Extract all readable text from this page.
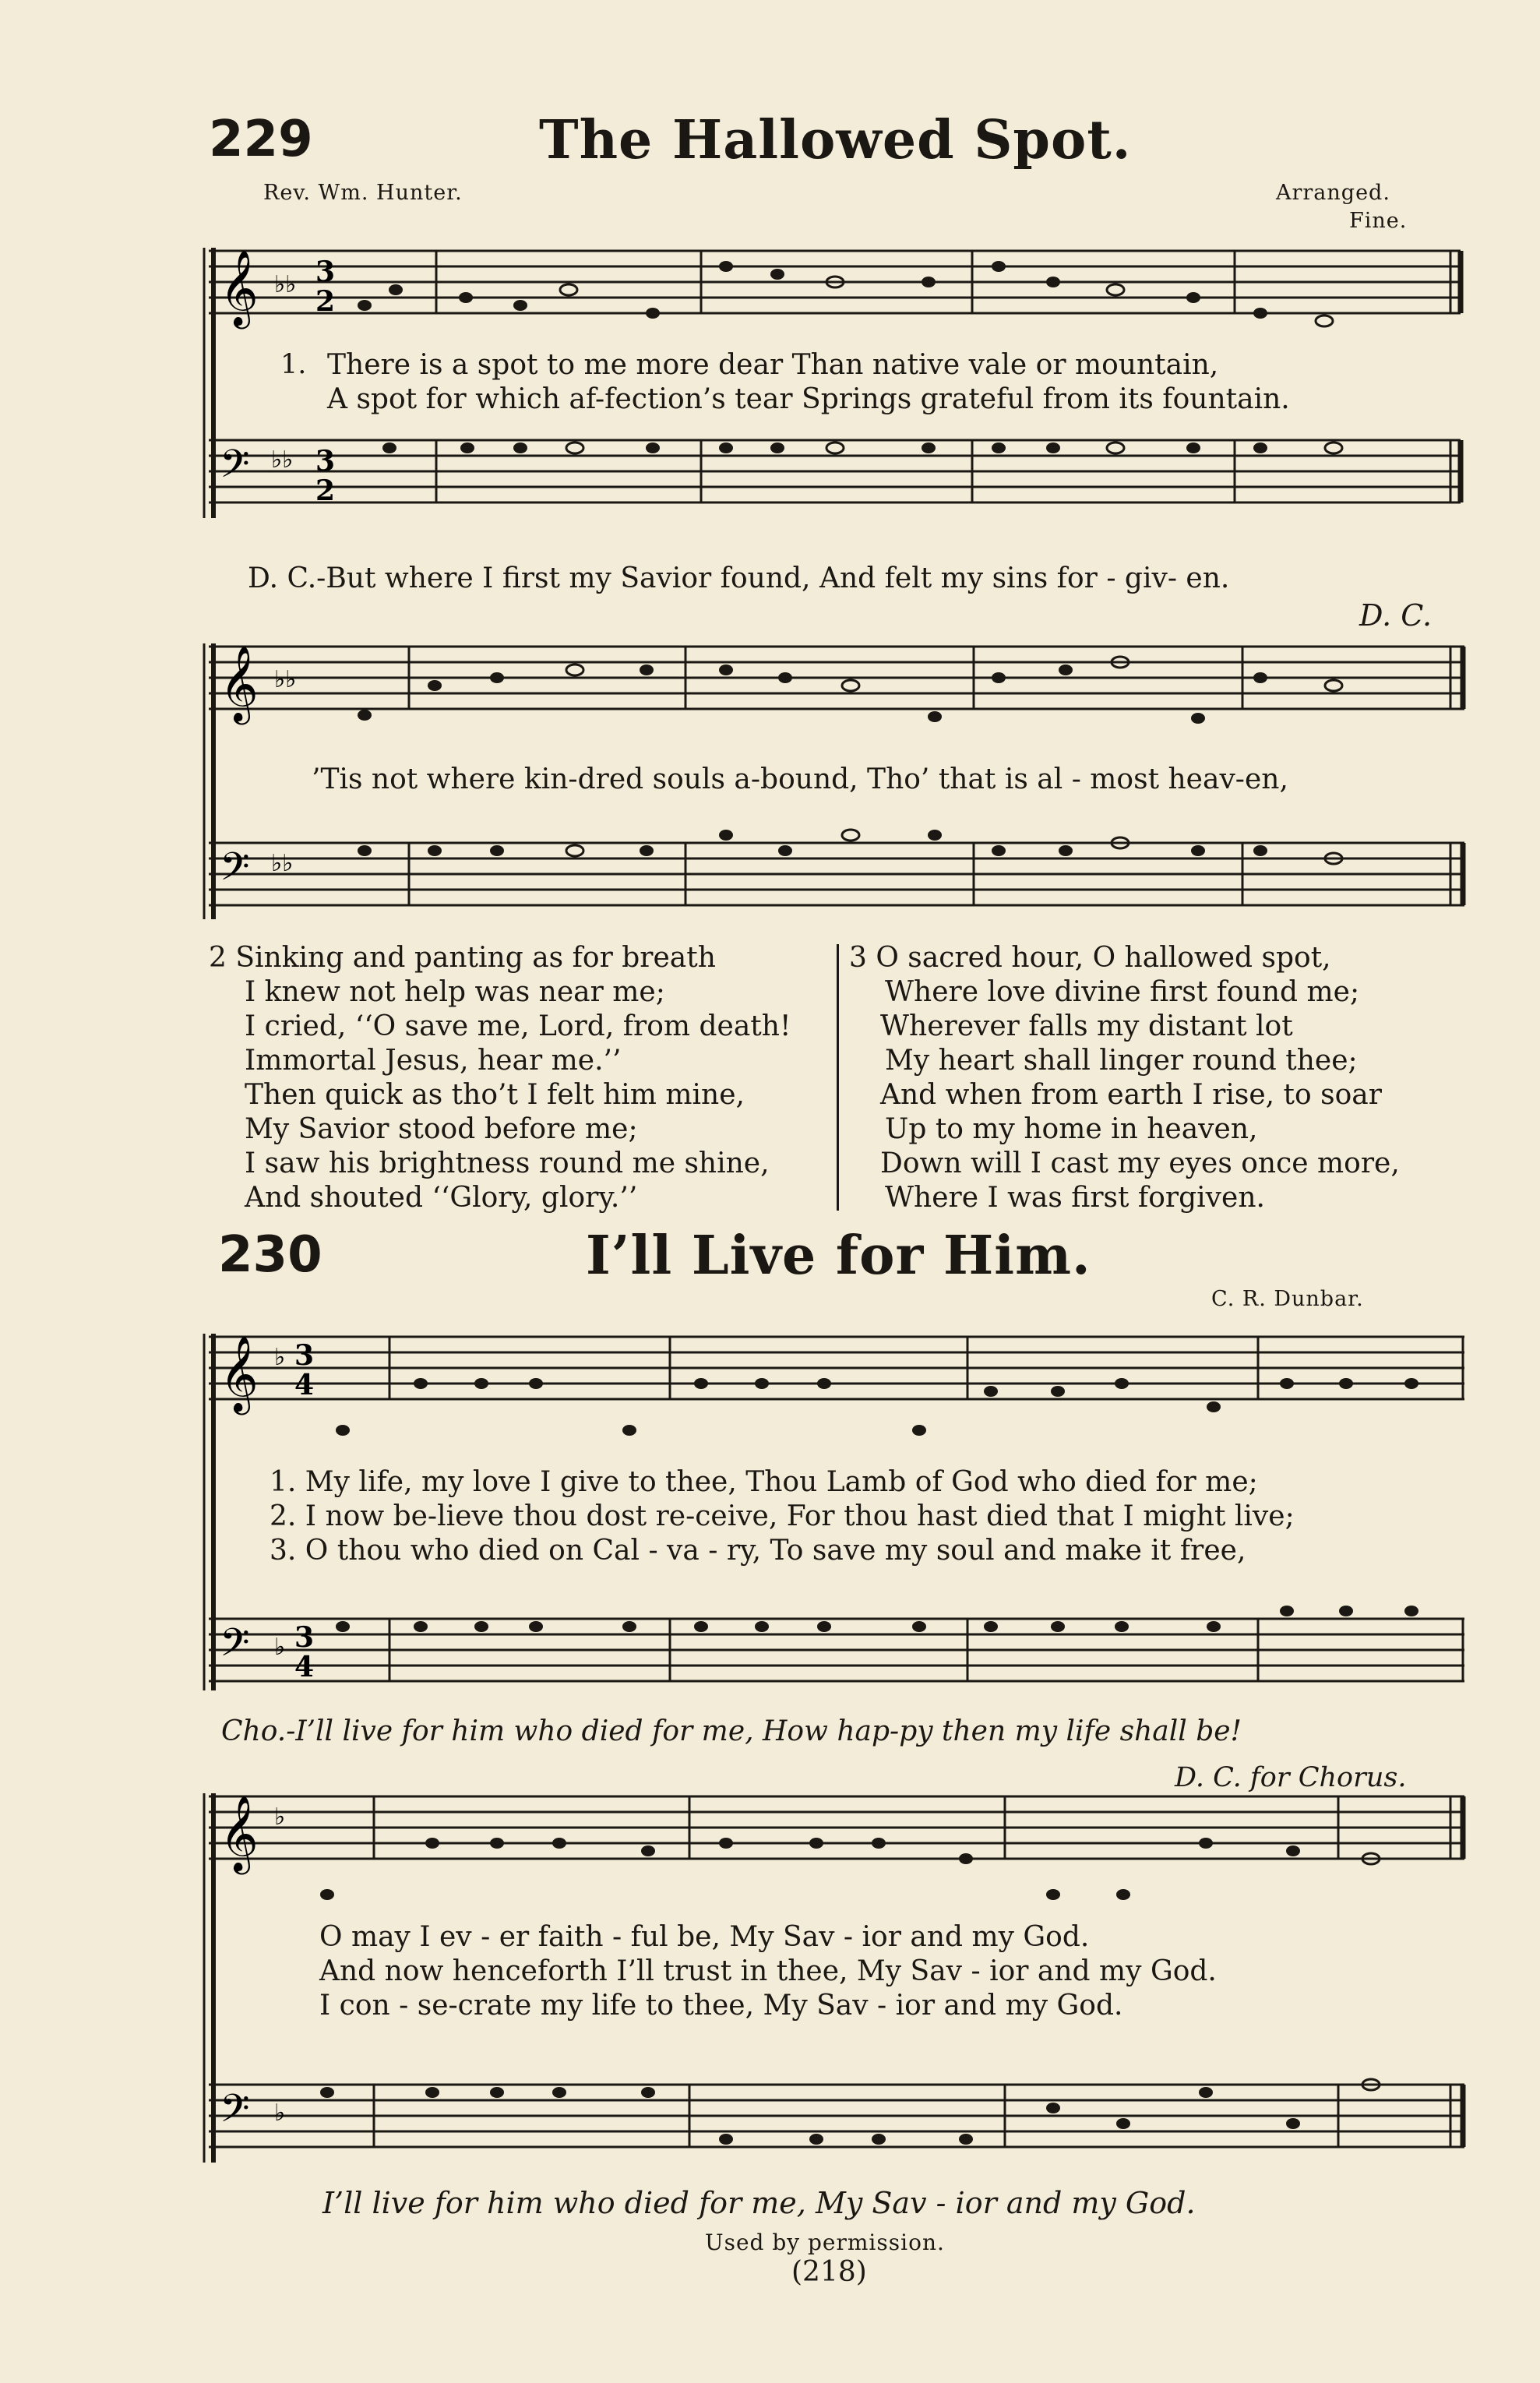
229	The Hallowed Spot.
Rev. Wm. Hunter.	Arranged.
Fine.
𝄞
𝄢
♭♭
♭♭
3
2
3
2
1. There is a spot to me more dear Than native vale or mountain,
A spot for which af-fection’s tear Springs grateful from its fountain.
D. C.-But where I first my Savior found, And felt my sins for - giv- en.
D. C.
𝄞
𝄢
♭♭
♭♭
’Tis not where kin-dred souls a-bound, Tho’ that is al - most heav-en,
2 Sinking and panting as for breath
I knew not help was near me;
I cried, ‘‘O save me, Lord, from death!
Immortal Jesus, hear me.’’
Then quick as tho’t I felt him mine,
My Savior stood before me;
I saw his brightness round me shine,
And shouted ‘‘Glory, glory.’’
3 O sacred hour, O hallowed spot,
Where love divine first found me;
Wherever falls my distant lot
My heart shall linger round thee;
And when from earth I rise, to soar
Up to my home in heaven,
Down will I cast my eyes once more,
Where I was first forgiven.
230	I’ll Live for Him.
C. R. Dunbar.
𝄞
𝄢
♭
♭
3
4
3
4
1. My life, my love I give to thee, Thou Lamb of God who died for me;
2. I now be-lieve thou dost re-ceive, For thou hast died that I might live;
3. O thou who died on Cal - va - ry, To save my soul and make it free,
Cho.-I’ll live for him who died for me, How hap-py then my life shall be!
D. C. for Chorus.
𝄞
𝄢
♭
♭
O may I ev - er faith - ful be, My Sav - ior and my God.
And now henceforth I’ll trust in thee, My Sav - ior and my God.
I con - se-crate my life to thee, My Sav - ior and my God.
I’ll live for him who died for me, My Sav - ior and my God.
Used by permission.
(218)
